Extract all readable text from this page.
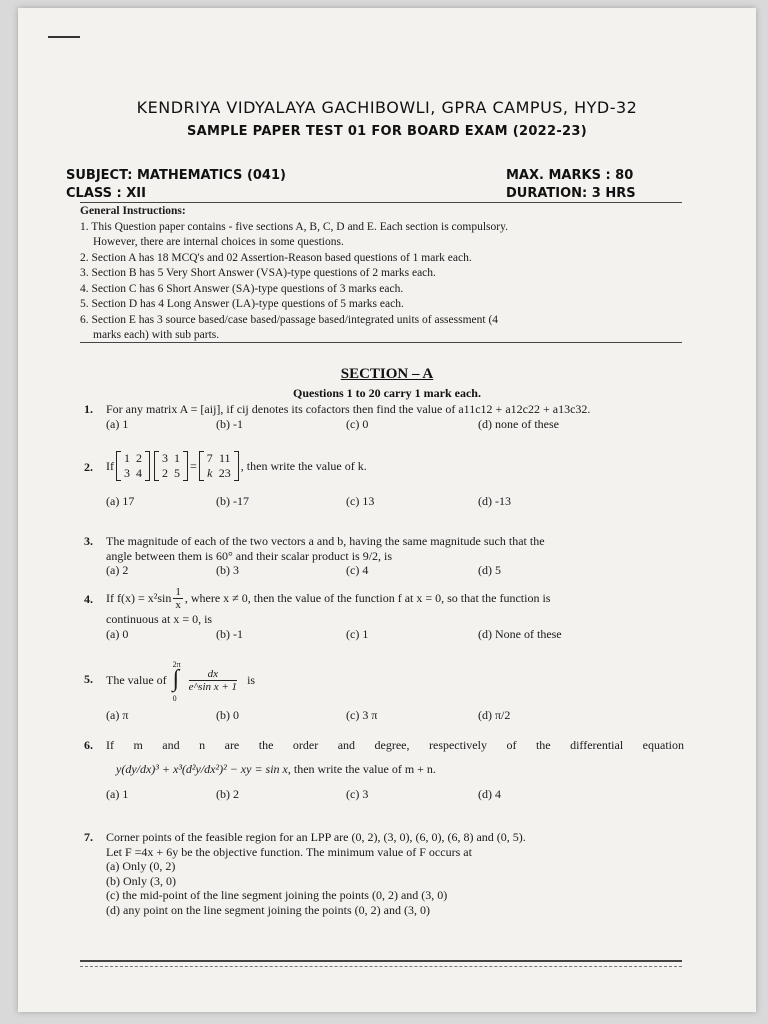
KENDRIYA VIDYALAYA GACHIBOWLI, GPRA CAMPUS, HYD-32
SAMPLE PAPER TEST 01 FOR BOARD EXAM (2022-23)
SUBJECT: MATHEMATICS (041)	MAX. MARKS : 80
CLASS : XII	DURATION: 3 HRS

General Instructions:

1. This Question paper contains - five sections A, B, C, D and E. Each section is compulsory.

However, there are internal choices in some questions.

2. Section A has 18 MCQ's and 02 Assertion-Reason based questions of 1 mark each.

3. Section B has 5 Very Short Answer (VSA)-type questions of 2 marks each.

4. Section C has 6 Short Answer (SA)-type questions of 3 marks each.

5. Section D has 4 Long Answer (LA)-type questions of 5 marks each.

6. Section E has 3 source based/case based/passage based/integrated units of assessment (4

marks each) with sub parts.

SECTION – A
Questions 1 to 20 carry 1 mark each.
1. For any matrix A = [aij], if cij denotes its cofactors then find the value of a11c12 + a12c22 + a13c32.
(a) 1	(b) -1	(c) 0	(d) none of these
2. If
1	2
3	4
3	1
2	5
=
7	11
k	23
, then write the value of k.
(a) 17	(b) -17	(c) 13	(d) -13
3. The magnitude of each of the two vectors a and b, having the same magnitude such that the
angle between them is 60° and their scalar product is 9/2, is
(a) 2	(b) 3	(c) 4	(d) 5
4. If $f(x) = x^2\sin \frac{1}{x}$ , where x ≠ 0, then the value of the function f at x = 0, so that the function is
continuous at x = 0, is
(a) 0	(b) -1	(c) 1	(d) None of these
5. The value of ∫
2π
0
$\frac{dx}{\text{e\textasciicircum{}sin x + 1}}$ is
(a) π	(b) 0	(c) 3 π	(d) π/2
6. If m and n are the order and degree, respectively of the differential equation
y(dy/dx)³ + x³(d²y/dx²)² − xy = sin x , then write the value of m + n.
(a) 1	(b) 2	(c) 3	(d) 4
7. Corner points of the feasible region for an LPP are (0, 2), (3, 0), (6, 0), (6, 8) and (0, 5).
Let F =4x + 6y be the objective function. The minimum value of F occurs at
(a) Only (0, 2)
(b) Only (3, 0)
(c) the mid-point of the line segment joining the points (0, 2) and (3, 0)
(d) any point on the line segment joining the points (0, 2) and (3, 0)
